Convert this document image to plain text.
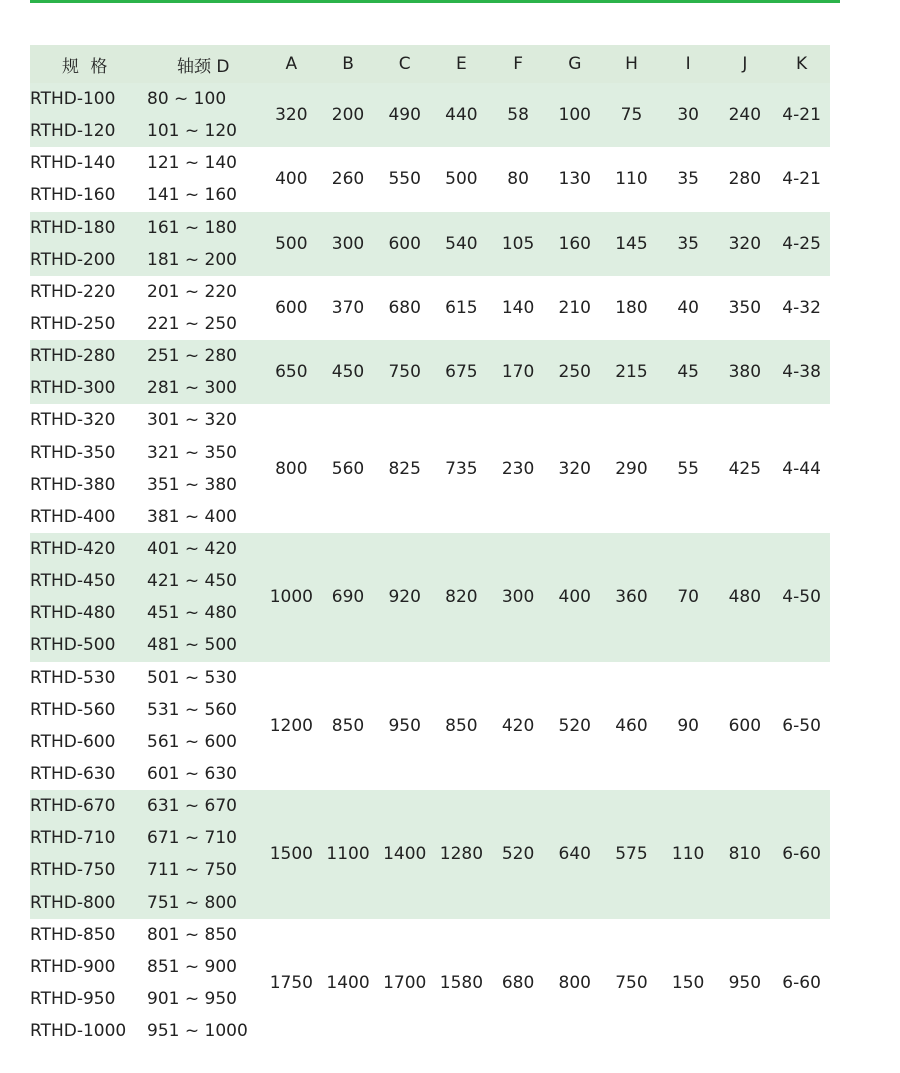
规 格	轴颈 D	A	B	C	E	F	G	H	I	J	K
RTHD-100	80 ~ 100	320	200	490	440	58	100	75	30	240	4-21
RTHD-120	101 ~ 120										
RTHD-140	121 ~ 140	400	260	550	500	80	130	110	35	280	4-21
RTHD-160	141 ~ 160										
RTHD-180	161 ~ 180	500	300	600	540	105	160	145	35	320	4-25
RTHD-200	181 ~ 200										
RTHD-220	201 ~ 220	600	370	680	615	140	210	180	40	350	4-32
RTHD-250	221 ~ 250										
RTHD-280	251 ~ 280	650	450	750	675	170	250	215	45	380	4-38
RTHD-300	281 ~ 300										
RTHD-320	301 ~ 320	800	560	825	735	230	320	290	55	425	4-44
RTHD-350	321 ~ 350										
RTHD-380	351 ~ 380										
RTHD-400	381 ~ 400										
RTHD-420	401 ~ 420	1000	690	920	820	300	400	360	70	480	4-50
RTHD-450	421 ~ 450										
RTHD-480	451 ~ 480										
RTHD-500	481 ~ 500										
RTHD-530	501 ~ 530	1200	850	950	850	420	520	460	90	600	6-50
RTHD-560	531 ~ 560										
RTHD-600	561 ~ 600										
RTHD-630	601 ~ 630										
RTHD-670	631 ~ 670	1500	1100	1400	1280	520	640	575	110	810	6-60
RTHD-710	671 ~ 710										
RTHD-750	711 ~ 750										
RTHD-800	751 ~ 800										
RTHD-850	801 ~ 850	1750	1400	1700	1580	680	800	750	150	950	6-60
RTHD-900	851 ~ 900										
RTHD-950	901 ~ 950										
RTHD-1000	951 ~ 1000										
